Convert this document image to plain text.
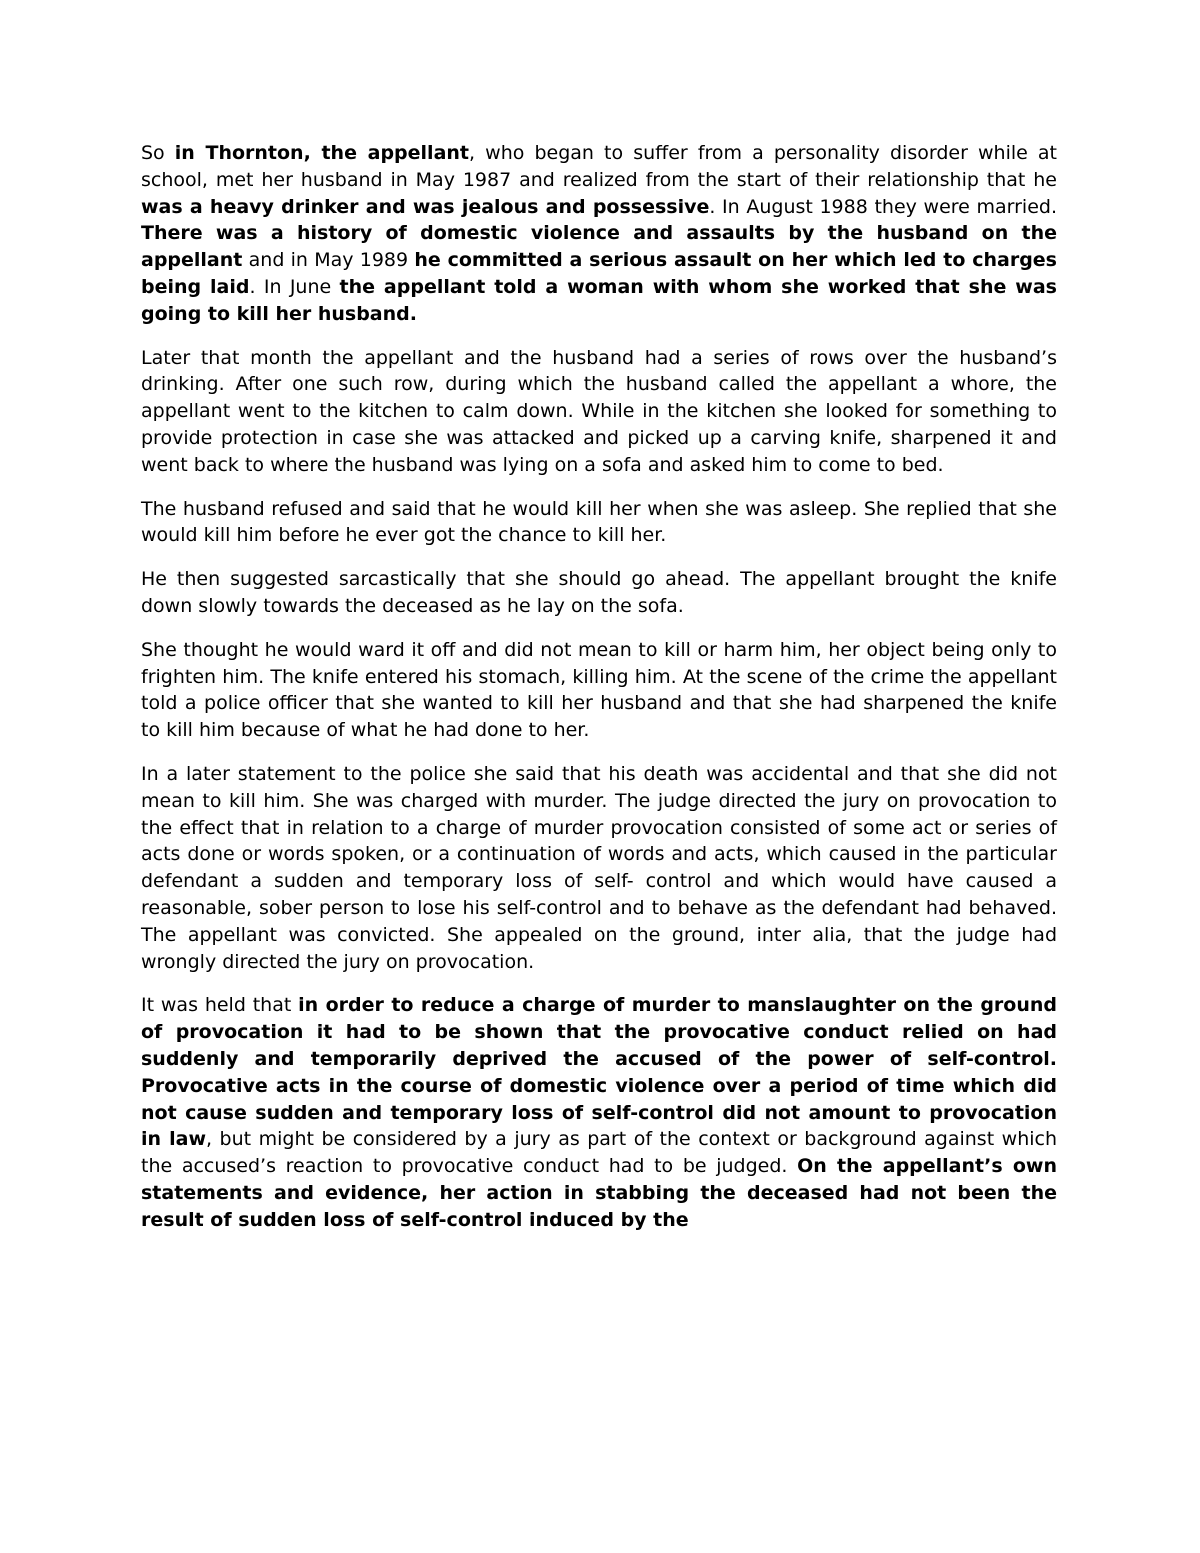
So in Thornton, the appellant, who began to suffer from a personality disorder while at school, met her husband in May 1987 and realized from the start of their relationship that he was a heavy drinker and was jealous and possessive. In August 1988 they were married. There was a history of domestic violence and assaults by the husband on the appellant and in May 1989 he committed a serious assault on her which led to charges being laid. In June the appellant told a woman with whom she worked that she was going to kill her husband.

Later that month the appellant and the husband had a series of rows over the husband’s drinking. After one such row, during which the husband called the appellant a whore, the appellant went to the kitchen to calm down. While in the kitchen she looked for something to provide protection in case she was attacked and picked up a carving knife, sharpened it and went back to where the husband was lying on a sofa and asked him to come to bed.

The husband refused and said that he would kill her when she was asleep. She replied that she would kill him before he ever got the chance to kill her.

He then suggested sarcastically that she should go ahead. The appellant brought the knife down slowly towards the deceased as he lay on the sofa.

She thought he would ward it off and did not mean to kill or harm him, her object being only to frighten him. The knife entered his stomach, killing him. At the scene of the crime the appellant told a police officer that she wanted to kill her husband and that she had sharpened the knife to kill him because of what he had done to her.

In a later statement to the police she said that his death was accidental and that she did not mean to kill him. She was charged with murder. The judge directed the jury on provocation to the effect that in relation to a charge of murder provocation consisted of some act or series of acts done or words spoken, or a continuation of words and acts, which caused in the particular defendant a sudden and temporary loss of self- control and which would have caused a reasonable, sober person to lose his self-control and to behave as the defendant had behaved. The appellant was convicted. She appealed on the ground, inter alia, that the judge had wrongly directed the jury on provocation.

It was held that in order to reduce a charge of murder to manslaughter on the ground of provocation it had to be shown that the provocative conduct relied on had suddenly and temporarily deprived the accused of the power of self-control. Provocative acts in the course of domestic violence over a period of time which did not cause sudden and temporary loss of self-control did not amount to provocation in law, but might be considered by a jury as part of the context or background against which the accused’s reaction to provocative conduct had to be judged. On the appellant’s own statements and evidence, her action in stabbing the deceased had not been the result of sudden loss of self-control induced by the
